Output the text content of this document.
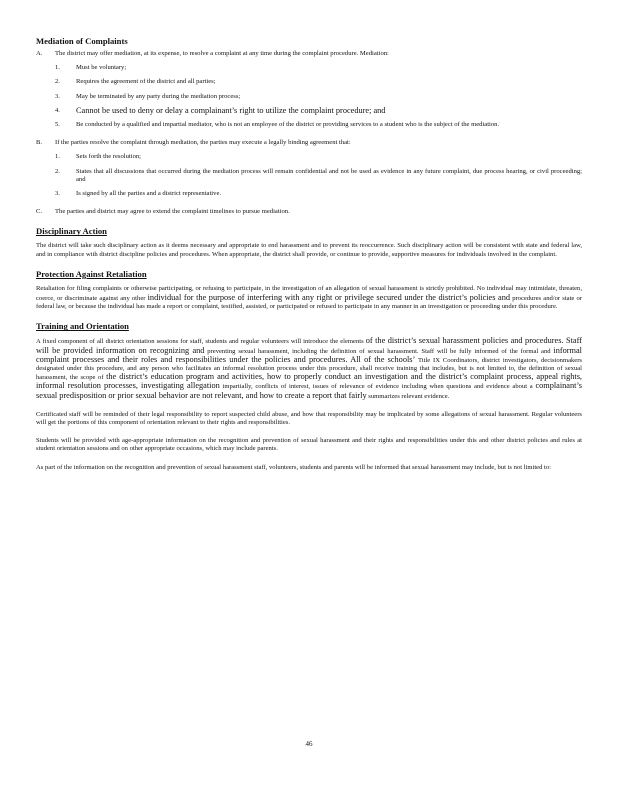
Mediation of Complaints
A.	The district may offer mediation, at its expense, to resolve a complaint at any time during the complaint procedure. Mediation:
1.	Must be voluntary;
2.	Requires the agreement of the district and all parties;
3.	May be terminated by any party during the mediation process;
4.	Cannot be used to deny or delay a complainant’s right to utilize the complaint procedure; and
5.	Be conducted by a qualified and impartial mediator, who is not an employee of the district or providing services to a student who is the subject of the mediation.
B.	If the parties resolve the complaint through mediation, the parties may execute a legally binding agreement that:
1.	Sets forth the resolution;
2.	States that all discussions that occurred during the mediation process will remain confidential and not be used as evidence in any future complaint, due process hearing, or civil proceeding; and
3.	Is signed by all the parties and a district representative.
C.	The parties and district may agree to extend the complaint timelines to pursue mediation.
Disciplinary Action

The district will take such disciplinary action as it deems necessary and appropriate to end harassment and to prevent its reoccurrence. Such disciplinary action will be consistent with state and federal law, and in compliance with district discipline policies and procedures. When appropriate, the district shall provide, or continue to provide, supportive measures for individuals involved in the complaint.

Protection Against Retaliation

Retaliation for filing complaints or otherwise participating, or refusing to participate, in the investigation of an allegation of sexual harassment is strictly prohibited. No individual may intimidate, threaten, coerce, or discriminate against any other individual for the purpose of interfering with any right or privilege secured under the district’s policies and procedures and/or state or federal law, or because the individual has made a report or complaint, testified, assisted, or participated or refused to participate in any manner in an investigation or proceeding under this procedure.

Training and Orientation

A fixed component of all district orientation sessions for staff, students and regular volunteers will introduce the elements of the district’s sexual harassment policies and procedures. Staff will be provided information on recognizing and preventing sexual harassment, including the definition of sexual harassment. Staff will be fully informed of the formal and informal complaint processes and their roles and responsibilities under the policies and procedures. All of the schools’ Title IX Coordinators, district investigators, decisionmakers designated under this procedure, and any person who facilitates an informal resolution process under this procedure, shall receive training that includes, but is not limited to, the definition of sexual harassment, the scope of the district’s education program and activities, how to properly conduct an investigation and the district’s complaint process, appeal rights, informal resolution processes, investigating allegation impartially, conflicts of interest, issues of relevance of evidence including when questions and evidence about a complainant’s sexual predisposition or prior sexual behavior are not relevant, and how to create a report that fairly summarizes relevant evidence.

Certificated staff will be reminded of their legal responsibility to report suspected child abuse, and how that responsibility may be implicated by some allegations of sexual harassment. Regular volunteers will get the portions of this component of orientation relevant to their rights and responsibilities.

Students will be provided with age-appropriate information on the recognition and prevention of sexual harassment and their rights and responsibilities under this and other district policies and rules at student orientation sessions and on other appropriate occasions, which may include parents.

As part of the information on the recognition and prevention of sexual harassment staff, volunteers, students and parents will be informed that sexual harassment may include, but is not limited to:

46
